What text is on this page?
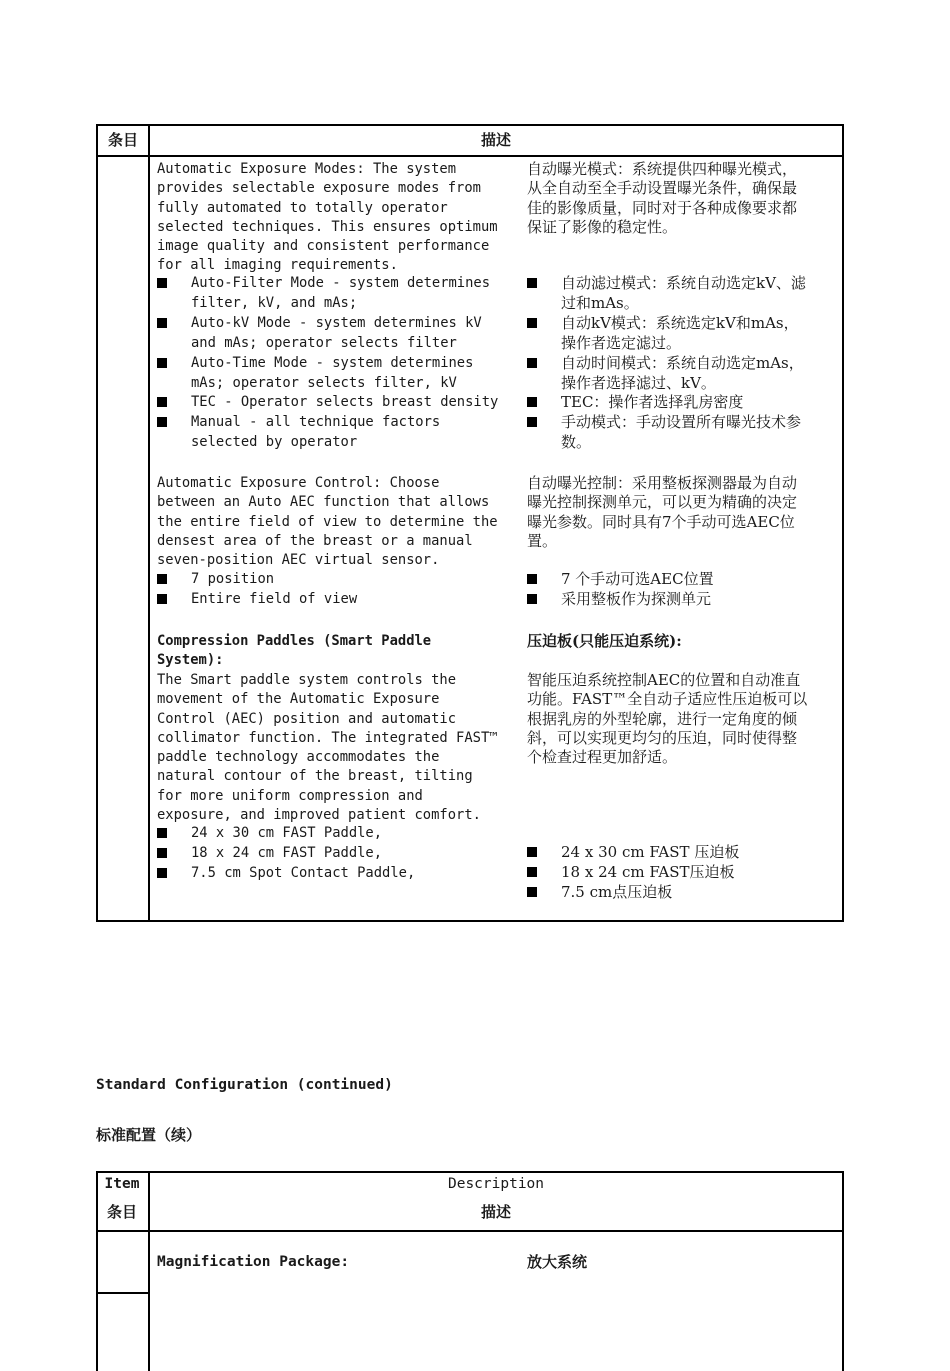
条目	描述
Automatic Exposure Modes: The system
provides selectable exposure modes from
fully automated to totally operator
selected techniques. This ensures optimum
image quality and consistent performance
for all imaging requirements.
自动曝光模式：系统提供四种曝光模式，
从全自动至全手动设置曝光条件，确保最
佳的影像质量，同时对于各种成像要求都
保证了影像的稳定性。
Auto-Filter Mode - system determines
filter, kV, and mAs;
Auto-kV Mode - system determines kV
and mAs; operator selects filter
Auto-Time Mode - system determines
mAs; operator selects filter, kV
TEC - Operator selects breast density
Manual - all technique factors
selected by operator
自动滤过模式：系统自动选定kV、滤
过和mAs。
自动kV模式：系统选定kV和mAs，
操作者选定滤过。
自动时间模式：系统自动选定mAs，
操作者选择滤过、kV。
TEC：操作者选择乳房密度
手动模式：手动设置所有曝光技术参
数。
Automatic Exposure Control: Choose
between an Auto AEC function that allows
the entire field of view to determine the
densest area of the breast or a manual
seven-position AEC virtual sensor.
自动曝光控制：采用整板探测器最为自动
曝光控制探测单元，可以更为精确的决定
曝光参数。同时具有7个手动可选AEC位
置。
7 position
Entire field of view
7 个手动可选AEC位置
采用整板作为探测单元
Compression Paddles (Smart Paddle
System):
压迫板(只能压迫系统):
The Smart paddle system controls the
movement of the Automatic Exposure
Control (AEC) position and automatic
collimator function. The integrated FAST™
paddle technology accommodates the
natural contour of the breast, tilting
for more uniform compression and
exposure, and improved patient comfort.
智能压迫系统控制AEC的位置和自动准直
功能。FAST™全自动子适应性压迫板可以
根据乳房的外型轮廓，进行一定角度的倾
斜，可以实现更均匀的压迫，同时使得整
个检查过程更加舒适。
24 x 30 cm FAST Paddle,
18 x 24 cm FAST Paddle,
7.5 cm Spot Contact Paddle,
24 x 30 cm FAST 压迫板
18 x 24 cm FAST压迫板
7.5 cm点压迫板
Standard Configuration (continued)
标准配置（续）
Item
条目
Description
描述
Magnification Package:	放大系统
